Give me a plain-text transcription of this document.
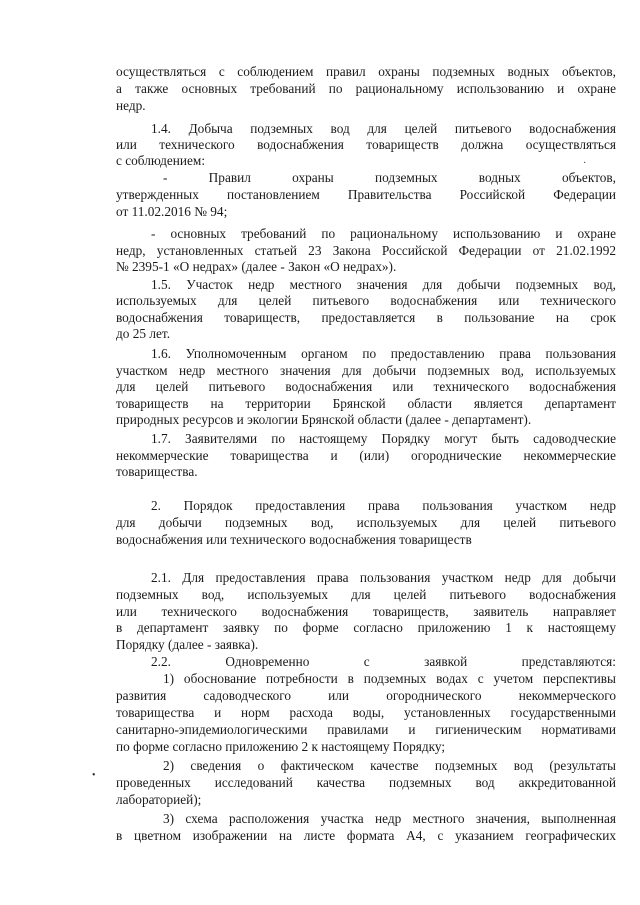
осуществляться с соблюдением правил охраны подземных водных объектов,
а также основных требований по рациональному использованию и охране
недр.
1.4. Добыча подземных вод для целей питьевого водоснабжения
или технического водоснабжения товариществ должна осуществляться
с соблюдением:
- Правил охраны подземных водных объектов,
утвержденных постановлением Правительства Российской Федерации
от 11.02.2016 № 94;
- основных требований по рациональному использованию и охране
недр, установленных статьей 23 Закона Российской Федерации от 21.02.1992
№ 2395-1 «О недрах» (далее - Закон «О недрах»).
1.5. Участок недр местного значения для добычи подземных вод,
используемых для целей питьевого водоснабжения или технического
водоснабжения товариществ, предоставляется в пользование на срок
до 25 лет.
1.6. Уполномоченным органом по предоставлению права пользования
участком недр местного значения для добычи подземных вод, используемых
для целей питьевого водоснабжения или технического водоснабжения
товариществ на территории Брянской области является департамент
природных ресурсов и экологии Брянской области (далее - департамент).
1.7. Заявителями по настоящему Порядку могут быть садоводческие
некоммерческие товарищества и (или) огороднические некоммерческие
товарищества.
2. Порядок предоставления права пользования участком недр
для добычи подземных вод, используемых для целей питьевого
водоснабжения или технического водоснабжения товариществ
2.1. Для предоставления права пользования участком недр для добычи
подземных вод, используемых для целей питьевого водоснабжения
или технического водоснабжения товариществ, заявитель направляет
в департамент заявку по форме согласно приложению 1 к настоящему
Порядку (далее - заявка).
2.2. Одновременно с заявкой представляются:
1) обоснование потребности в подземных водах с учетом перспективы
развития садоводческого или огороднического некоммерческого
товарищества и норм расхода воды, установленных государственными
санитарно-эпидемиологическими правилами и гигиеническим нормативами
по форме согласно приложению 2 к настоящему Порядку;
2) сведения о фактическом качестве подземных вод (результаты
проведенных исследований качества подземных вод аккредитованной
лабораторией);
3) схема расположения участка недр местного значения, выполненная
в цветном изображении на листе формата А4, с указанием географических
•
·
